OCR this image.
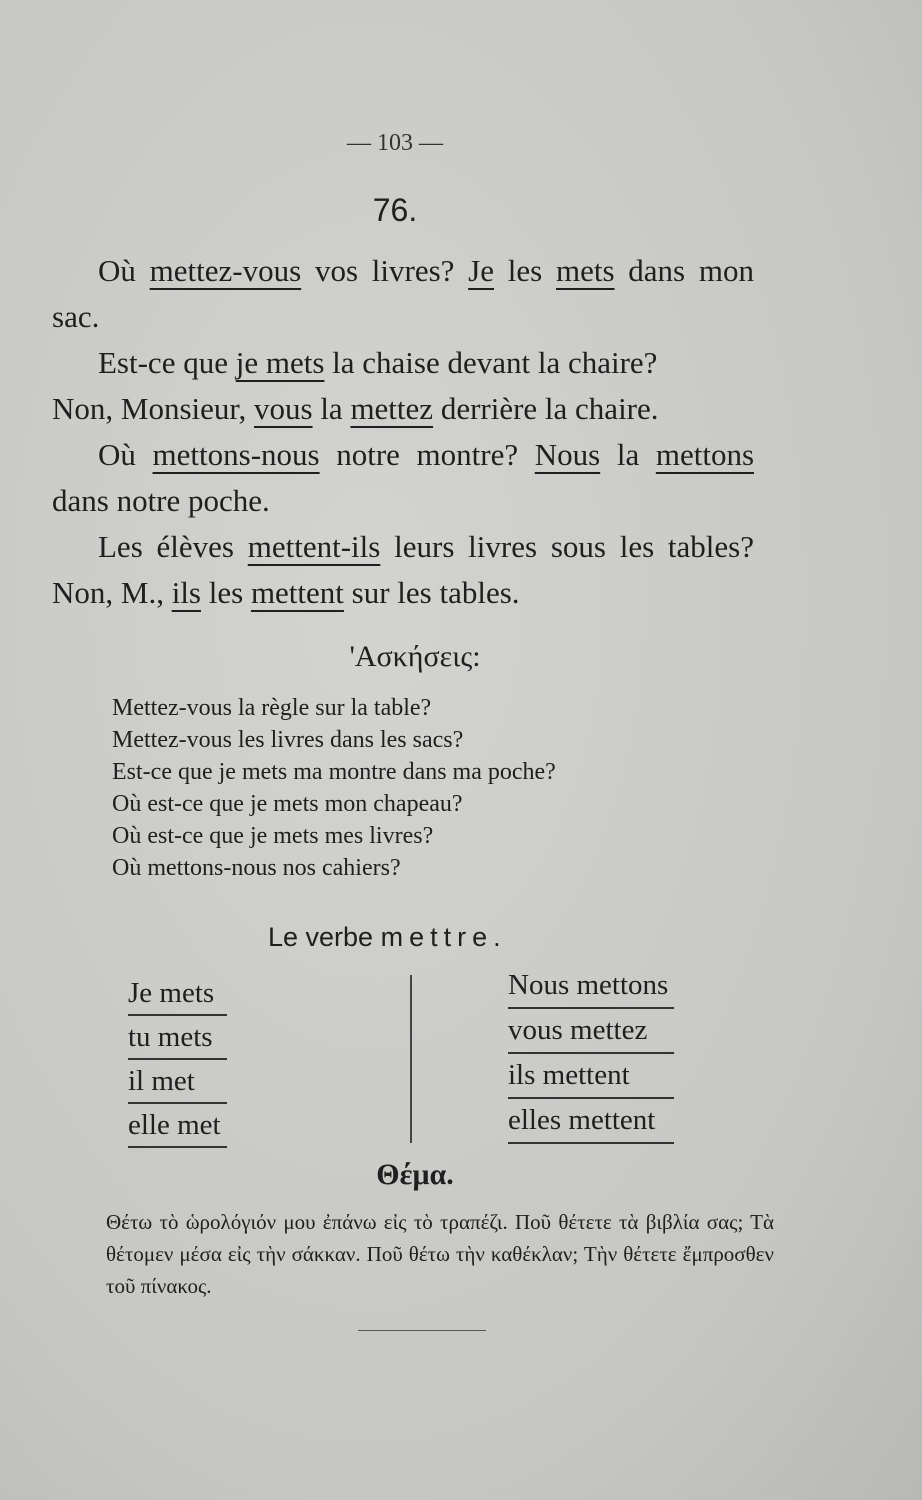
— 103 —
76.

Où mettez-vous vos livres? Je les mets dans mon sac.

Est-ce que je mets la chaise devant la chaire?

Non, Monsieur, vous la mettez derrière la chaire.

Où mettons-nous notre montre? Nous la mettons dans notre poche.

Les élèves mettent-ils leurs livres sous les tables? Non, M., ils les mettent sur les tables.

'Ασκήσεις:
Mettez-vous la règle sur la table?
Mettez-vous les livres dans les sacs?
Est-ce que je mets ma montre dans ma poche?
Où est-ce que je mets mon chapeau?
Où est-ce que je mets mes livres?
Où mettons-nous nos cahiers?
Le verbe mettre.
Je mets
tu mets
il met
elle met
Nous mettons
vous mettez
ils mettent
elles mettent
Θέμα.
Θέτω τὸ ὡρολόγιόν μου ἐπάνω εἰς τὸ τραπέζι. Ποῦ θέτετε τὰ βιβλία σας; Τὰ θέτομεν μέσα εἰς τὴν σάκκαν. Ποῦ θέτω τὴν καθέκλαν; Τὴν θέτετε ἔμπροσθεν τοῦ πίνακος.
